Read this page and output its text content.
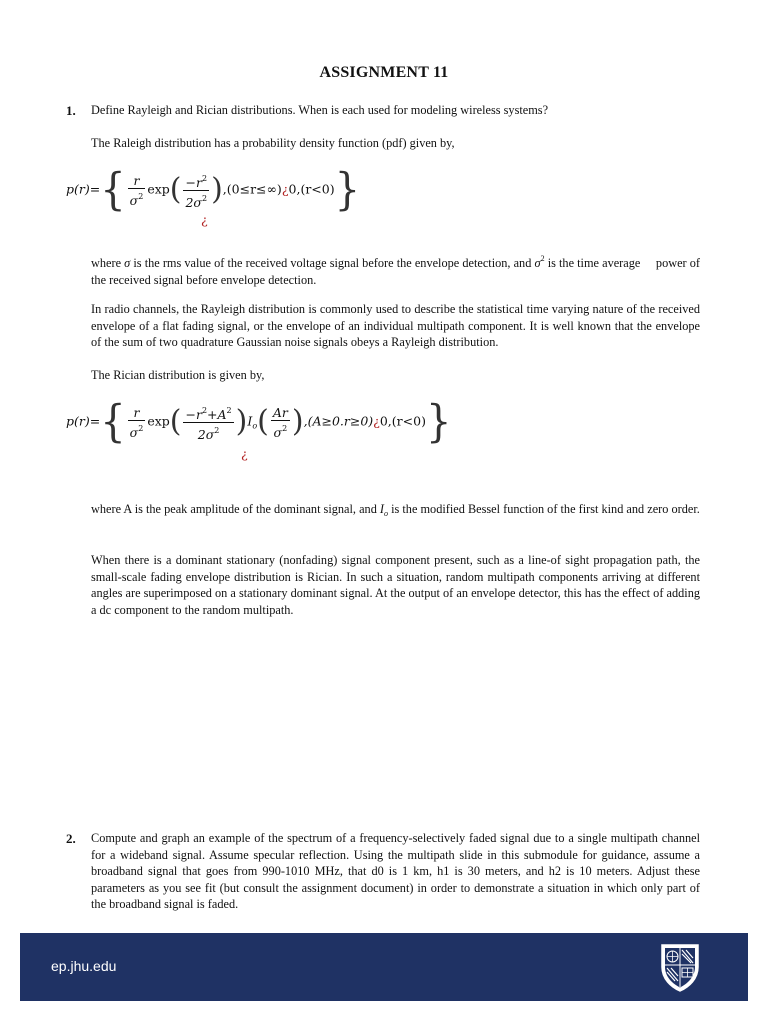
ASSIGNMENT 11
1. Define Rayleigh and Rician distributions. When is each used for modeling wireless systems?

The Raleigh distribution has a probability density function (pdf) given by,

$p(r)=\{ \frac{r}{\sigma^2} \exp( \frac{-r^2}{2\sigma^2}$ ),(0≤r≤∞)¿0,(r<0)}
¿

where σ is the rms value of the received voltage signal before the envelope detection, and $\sigma^2$ is the time average power of the received signal before envelope detection.

In radio channels, the Rayleigh distribution is commonly used to describe the statistical time varying nature of the received envelope of a flat fading signal, or the envelope of an individual multipath component. It is well known that the envelope of the sum of two quadrature Gaussian noise signals obeys a Rayleigh distribution.

The Rician distribution is given by,

$p(r)=\{ \frac{r}{\sigma^2} \exp( \frac{-r^2+A^2}{2\sigma^2} )I_o( \frac{Ar}{\sigma^2}$ ),(A≥0.r≥0)¿0,(r<0)}
¿

where A is the peak amplitude of the dominant signal, and $I_o$ is the modified Bessel function of the first kind and zero order.

When there is a dominant stationary (nonfading) signal component present, such as a line-of sight propagation path, the small-scale fading envelope distribution is Rician. In such a situation, random multipath components arriving at different angles are superimposed on a stationary dominant signal. At the output of an envelope detector, this has the effect of adding a dc component to the random multipath.

2. Compute and graph an example of the spectrum of a frequency-selectively faded signal due to a single multipath channel for a wideband signal. Assume specular reflection. Using the multipath slide in this submodule for guidance, assume a broadband signal that goes from 990-1010 MHz, that d0 is 1 km, h1 is 30 meters, and h2 is 10 meters. Adjust these parameters as you see fit (but consult the assignment document) in order to demonstrate a situation in which only part of the broadband signal is faded.

ep.jhu.edu
